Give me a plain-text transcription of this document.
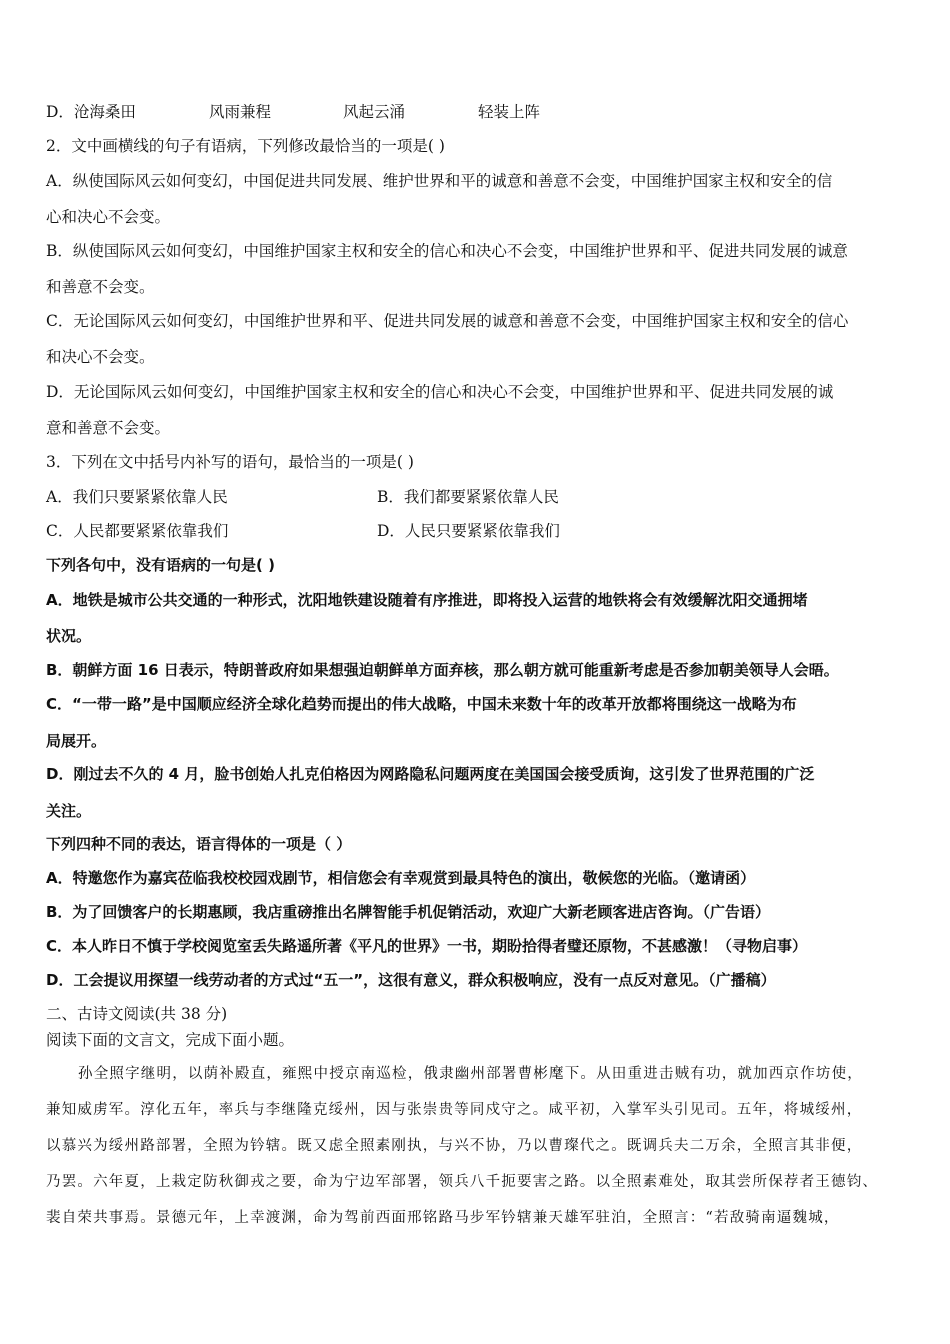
D．沧海桑田	风雨兼程	风起云涌	轻装上阵
2．文中画横线的句子有语病，下列修改最恰当的一项是( )
A．纵使国际风云如何变幻，中国促进共同发展、维护世界和平的诚意和善意不会变，中国维护国家主权和安全的信
心和决心不会变。
B．纵使国际风云如何变幻，中国维护国家主权和安全的信心和决心不会变，中国维护世界和平、促进共同发展的诚意
和善意不会变。
C．无论国际风云如何变幻，中国维护世界和平、促进共同发展的诚意和善意不会变，中国维护国家主权和安全的信心
和决心不会变。
D．无论国际风云如何变幻，中国维护国家主权和安全的信心和决心不会变，中国维护世界和平、促进共同发展的诚
意和善意不会变。
3．下列在文中括号内补写的语句，最恰当的一项是( )
A．我们只要紧紧依靠人民	B．我们都要紧紧依靠人民
C．人民都要紧紧依靠我们	D．人民只要紧紧依靠我们
下列各句中，没有语病的一句是( )
A．地铁是城市公共交通的一种形式，沈阳地铁建设随着有序推进，即将投入运营的地铁将会有效缓解沈阳交通拥堵
状况。
B．朝鲜方面 16 日表示，特朗普政府如果想强迫朝鲜单方面弃核，那么朝方就可能重新考虑是否参加朝美领导人会晤。
C．“一带一路”是中国顺应经济全球化趋势而提出的伟大战略，中国未来数十年的改革开放都将围绕这一战略为布
局展开。
D．刚过去不久的 4 月，脸书创始人扎克伯格因为网路隐私问题两度在美国国会接受质询，这引发了世界范围的广泛
关注。
下列四种不同的表达，语言得体的一项是（ ）
A．特邀您作为嘉宾莅临我校校园戏剧节，相信您会有幸观赏到最具特色的演出，敬候您的光临。（邀请函）
B．为了回馈客户的长期惠顾，我店重磅推出名牌智能手机促销活动，欢迎广大新老顾客进店咨询。（广告语）
C．本人昨日不慎于学校阅览室丢失路遥所著《平凡的世界》一书，期盼拾得者璧还原物，不甚感激！（寻物启事）
D．工会提议用探望一线劳动者的方式过“五一”，这很有意义，群众积极响应，没有一点反对意见。（广播稿）
二、古诗文阅读(共 38 分)
阅读下面的文言文，完成下面小题。
孙全照字继明，以荫补殿直，雍熙中授京南巡检，俄隶幽州部署曹彬麾下。从田重进击贼有功，就加西京作坊使，
兼知威虏军。淳化五年，率兵与李继隆克绥州，因与张崇贵等同戍守之。咸平初，入掌军头引见司。五年，将城绥州，
以慕兴为绥州路部署，全照为钤辖。既又虑全照素刚执，与兴不协，乃以曹璨代之。既调兵夫二万余，全照言其非便，
乃罢。六年夏，上栽定防秋御戎之要，命为宁边军部署，领兵八千扼要害之路。以全照素难处，取其尝所保荐者王德钧、
裴自荣共事焉。景德元年，上幸渡渊，命为驾前西面邢铭路马步军钤辖兼天雄军驻泊，全照言：“若敌骑南逼魏城，
